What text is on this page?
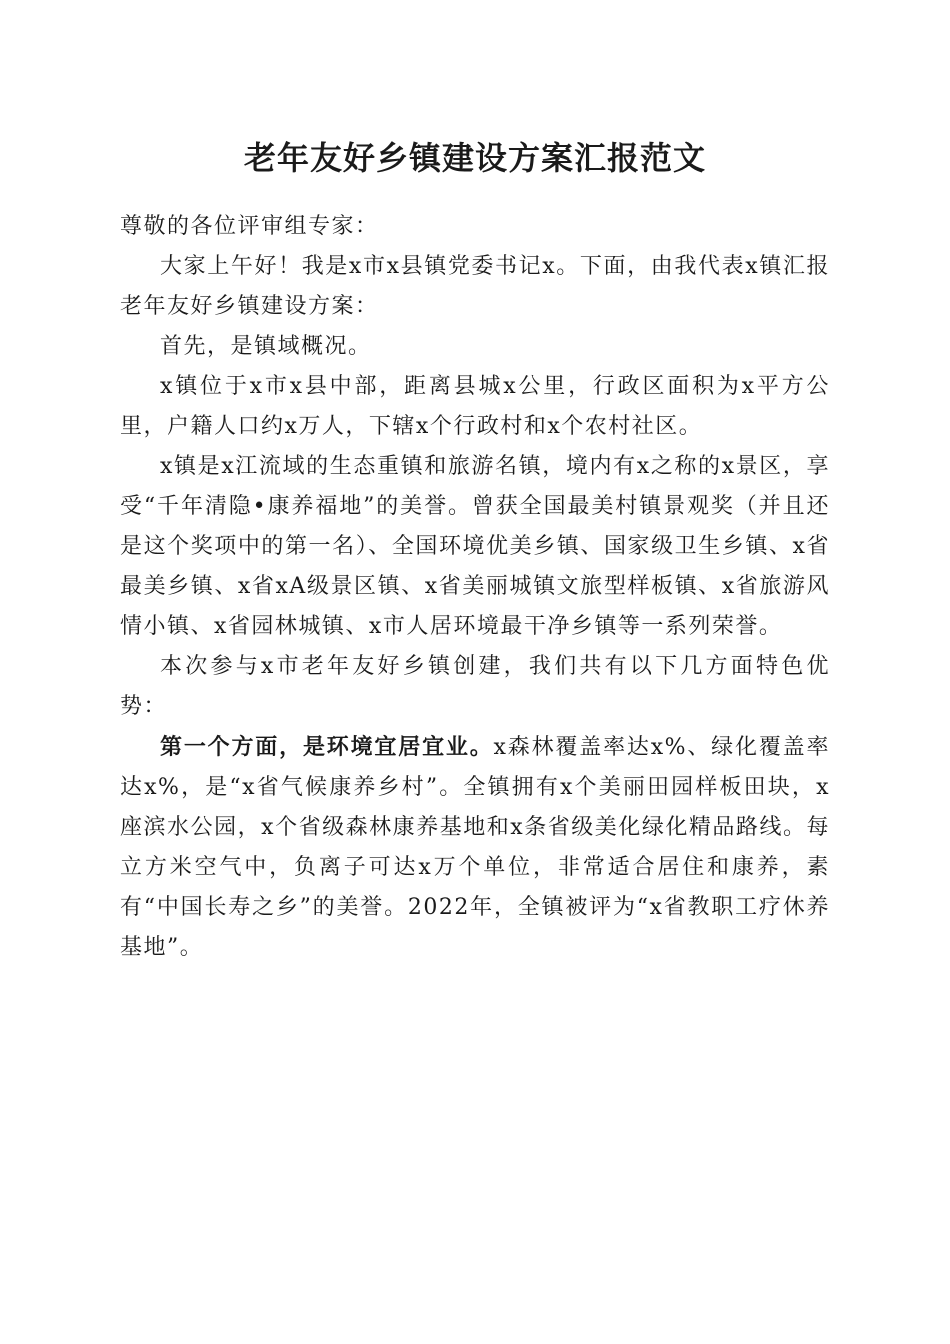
老年友好乡镇建设方案汇报范文

尊敬的各位评审组专家：

大家上午好！我是x市x县镇党委书记x。下面，由我代表x镇汇报老年友好乡镇建设方案：

首先，是镇域概况。

x镇位于x市x县中部，距离县城x公里，行政区面积为x平方公里，户籍人口约x万人，下辖x个行政村和x个农村社区。

x镇是x江流域的生态重镇和旅游名镇，境内有x之称的x景区，享受“千年清隐•康养福地”的美誉。曾获全国最美村镇景观奖（并且还是这个奖项中的第一名）、全国环境优美乡镇、国家级卫生乡镇、x省最美乡镇、x省xA级景区镇、x省美丽城镇文旅型样板镇、x省旅游风情小镇、x省园林城镇、x市人居环境最干净乡镇等一系列荣誉。

本次参与x市老年友好乡镇创建，我们共有以下几方面特色优势：

第一个方面，是环境宜居宜业。x森林覆盖率达x%、绿化覆盖率达x%，是“x省气候康养乡村”。全镇拥有x个美丽田园样板田块，x座滨水公园，x个省级森林康养基地和x条省级美化绿化精品路线。每立方米空气中，负离子可达x万个单位，非常适合居住和康养，素有“中国长寿之乡”的美誉。2022年，全镇被评为“x省教职工疗休养基地”。
